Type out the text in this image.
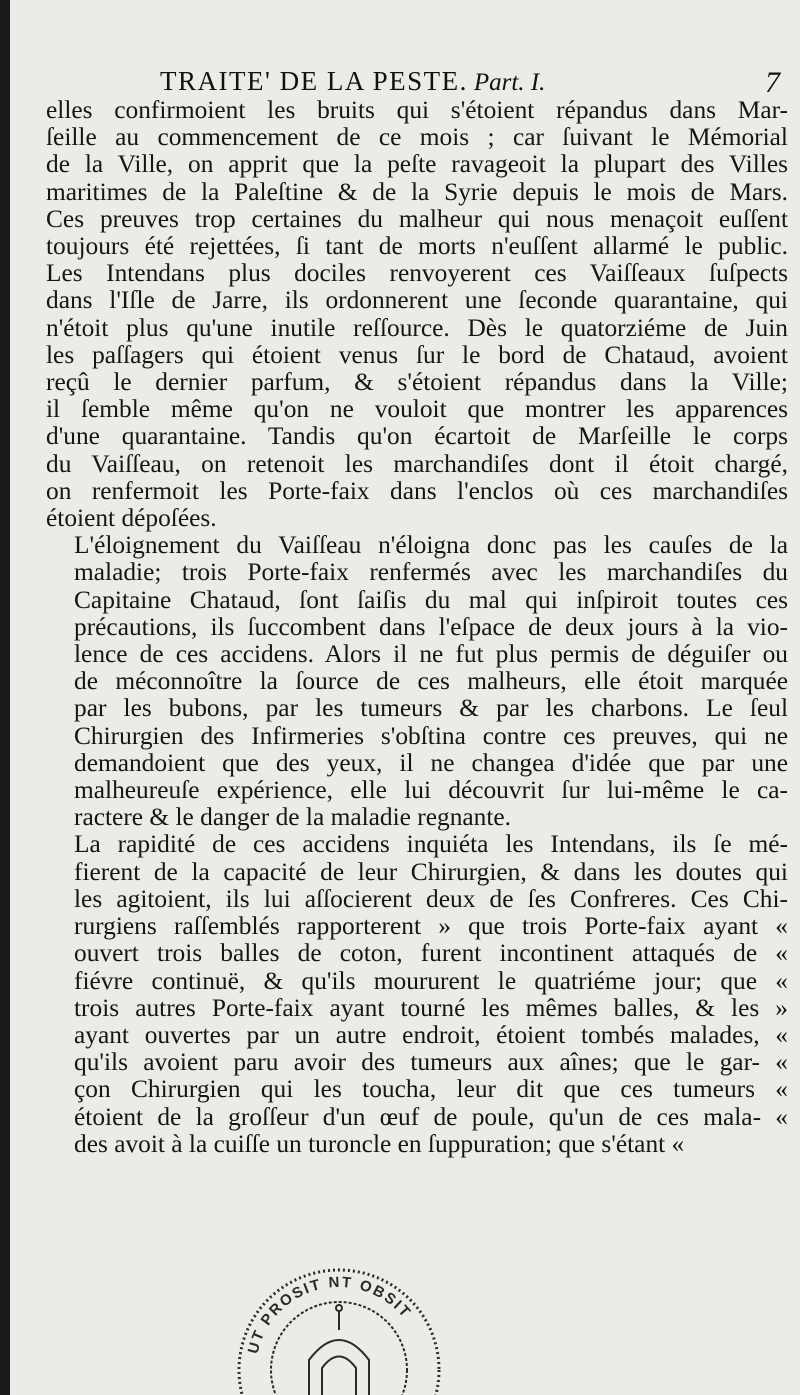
TRAITE' DE LA PESTE. Part. I.	7

elles confirmoient les bruits qui s'étoient répandus dans Mar-
ſeille au commencement de ce mois ; car ſuivant le Mémorial
de la Ville, on apprit que la peſte ravageoit la plupart des Villes
maritimes de la Paleſtine & de la Syrie depuis le mois de Mars.
Ces preuves trop certaines du malheur qui nous menaçoit euſſent
toujours été rejettées, ſi tant de morts n'euſſent allarmé le public.
Les Intendans plus dociles renvoyerent ces Vaiſſeaux ſuſpects
dans l'Iſle de Jarre, ils ordonnerent une ſeconde quarantaine, qui
n'étoit plus qu'une inutile reſſource. Dès le quatorziéme de Juin
les paſſagers qui étoient venus ſur le bord de Chataud, avoient
reçû le dernier parfum, & s'étoient répandus dans la Ville;
il ſemble même qu'on ne vouloit que montrer les apparences
d'une quarantaine. Tandis qu'on écartoit de Marſeille le corps
du Vaiſſeau, on retenoit les marchandiſes dont il étoit chargé,
on renfermoit les Porte-faix dans l'enclos où ces marchandiſes
étoient dépoſées.

L'éloignement du Vaiſſeau n'éloigna donc pas les cauſes de la
maladie; trois Porte-faix renfermés avec les marchandiſes du
Capitaine Chataud, ſont ſaiſis du mal qui inſpiroit toutes ces
précautions, ils ſuccombent dans l'eſpace de deux jours à la vio-
lence de ces accidens. Alors il ne fut plus permis de déguiſer ou
de méconnoître la ſource de ces malheurs, elle étoit marquée
par les bubons, par les tumeurs & par les charbons. Le ſeul
Chirurgien des Infirmeries s'obſtina contre ces preuves, qui ne
demandoient que des yeux, il ne changea d'idée que par une
malheureuſe expérience, elle lui découvrit ſur lui-même le ca-
ractere & le danger de la maladie regnante.

La rapidité de ces accidens inquiéta les Intendans, ils ſe mé-
fierent de la capacité de leur Chirurgien, & dans les doutes qui
les agitoient, ils lui aſſocierent deux de ſes Confreres. Ces Chi-
rurgiens raſſemblés rapporterent » que trois Porte-faix ayant «
ouvert trois balles de coton, furent incontinent attaqués de «
fiévre continuë, & qu'ils moururent le quatriéme jour; que «
trois autres Porte-faix ayant tourné les mêmes balles, & les »
ayant ouvertes par un autre endroit, étoient tombés malades, «
qu'ils avoient paru avoir des tumeurs aux aînes; que le gar- «
çon Chirurgien qui les toucha, leur dit que ces tumeurs «
étoient de la groſſeur d'un œuf de poule, qu'un de ces mala- «
des avoit à la cuiſſe un turoncle en ſuppuration; que s'étant «

UT PROSIT NT OBSIT
